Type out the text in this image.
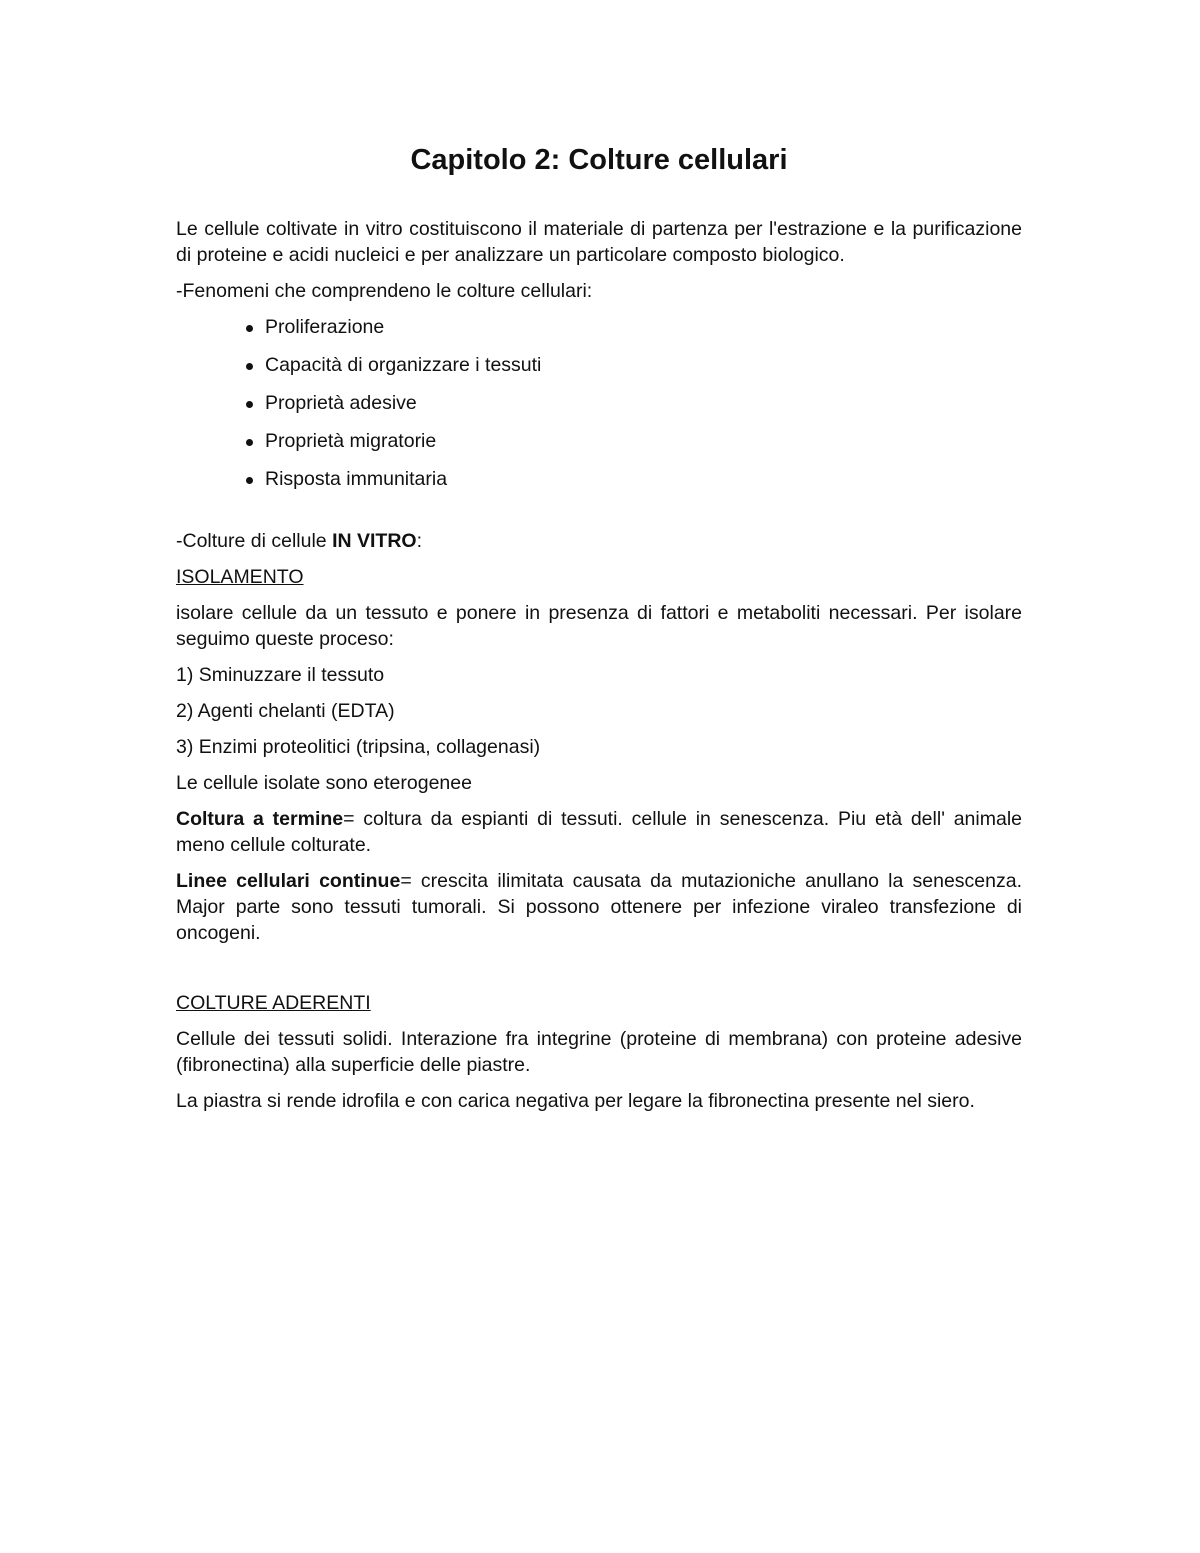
Capitolo 2: Colture cellulari

Le cellule coltivate in vitro costituiscono il materiale di partenza per l'estrazione e la purificazione di proteine e acidi nucleici e per analizzare un particolare composto biologico.

-Fenomeni che comprendeno le colture cellulari:

Proliferazione
Capacità di organizzare i tessuti
Proprietà adesive
Proprietà migratorie
Risposta immunitaria

-Colture di cellule IN VITRO:

ISOLAMENTO

isolare cellule da un tessuto e ponere in presenza di fattori e metaboliti necessari. Per isolare seguimo queste proceso:

1) Sminuzzare il tessuto

2) Agenti chelanti (EDTA)

3) Enzimi proteolitici (tripsina, collagenasi)

Le cellule isolate sono eterogenee

Coltura a termine= coltura da espianti di tessuti. cellule in senescenza. Piu età dell' animale meno cellule colturate.

Linee cellulari continue= crescita ilimitata causata da mutazioniche anullano la senescenza. Major parte sono tessuti tumorali. Si possono ottenere per infezione viraleo transfezione di oncogeni.

COLTURE ADERENTI

Cellule dei tessuti solidi. Interazione fra integrine (proteine di membrana) con proteine adesive (fibronectina) alla superficie delle piastre.

La piastra si rende idrofila e con carica negativa per legare la fibronectina presente nel siero.
